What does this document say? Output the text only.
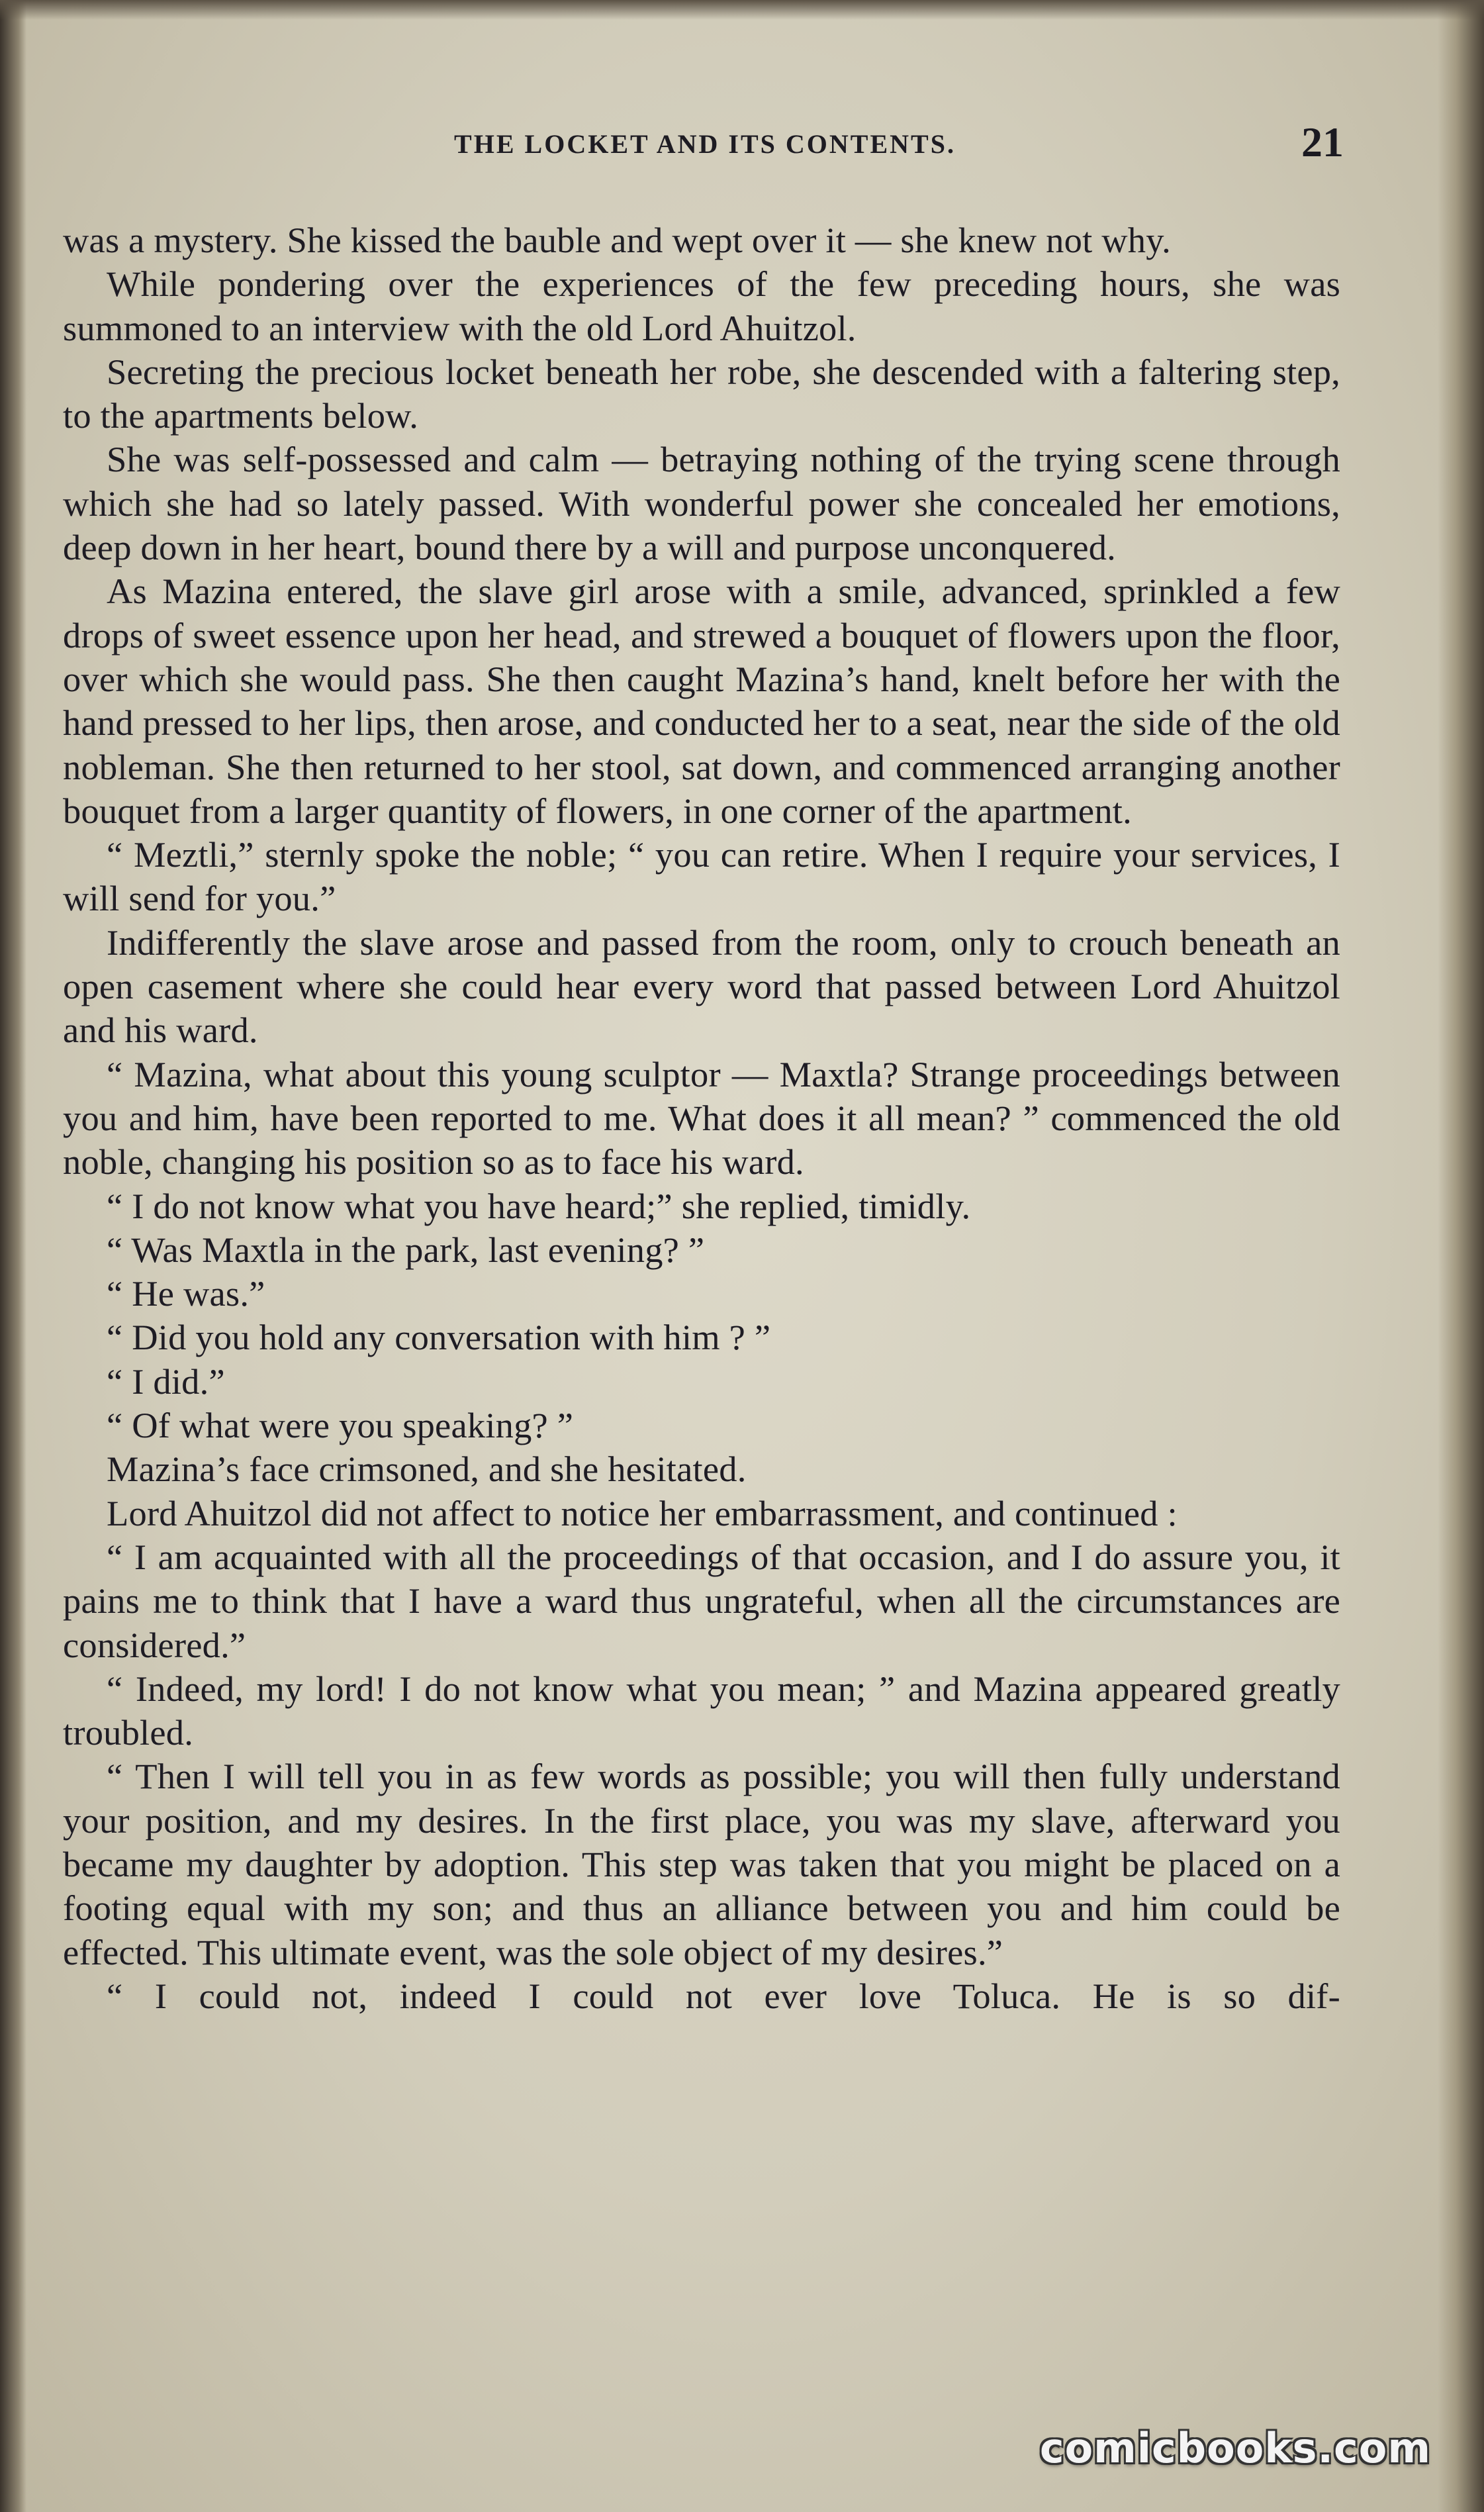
THE LOCKET AND ITS CONTENTS.	21

was a mystery. She kissed the bauble and wept over it — she knew not why.

While pondering over the experiences of the few preceding hours, she was summoned to an interview with the old Lord Ahuitzol.

Secreting the precious locket beneath her robe, she descended with a faltering step, to the apartments below.

She was self-possessed and calm — betraying nothing of the trying scene through which she had so lately passed. With wonderful power she concealed her emotions, deep down in her heart, bound there by a will and purpose unconquered.

As Mazina entered, the slave girl arose with a smile, advanced, sprinkled a few drops of sweet essence upon her head, and strewed a bouquet of flowers upon the floor, over which she would pass. She then caught Mazina’s hand, knelt before her with the hand pressed to her lips, then arose, and conducted her to a seat, near the side of the old nobleman. She then returned to her stool, sat down, and commenced arranging another bouquet from a larger quantity of flowers, in one corner of the apartment.

“ Meztli,” sternly spoke the noble; “ you can retire. When I require your services, I will send for you.”

Indifferently the slave arose and passed from the room, only to crouch beneath an open casement where she could hear every word that passed between Lord Ahuitzol and his ward.

“ Mazina, what about this young sculptor — Maxtla? Strange proceedings between you and him, have been reported to me. What does it all mean? ” commenced the old noble, changing his position so as to face his ward.

“ I do not know what you have heard;” she replied, timidly.

“ Was Maxtla in the park, last evening? ”

“ He was.”

“ Did you hold any conversation with him ? ”

“ I did.”

“ Of what were you speaking? ”

Mazina’s face crimsoned, and she hesitated.

Lord Ahuitzol did not affect to notice her embarrassment, and continued :

“ I am acquainted with all the proceedings of that occasion, and I do assure you, it pains me to think that I have a ward thus ungrateful, when all the circumstances are considered.”

“ Indeed, my lord! I do not know what you mean; ” and Mazina appeared greatly troubled.

“ Then I will tell you in as few words as possible; you will then fully understand your position, and my desires. In the first place, you was my slave, afterward you became my daughter by adoption. This step was taken that you might be placed on a footing equal with my son; and thus an alliance between you and him could be effected. This ultimate event, was the sole object of my desires.”

“ I could not, indeed I could not ever love Toluca. He is so dif-

comicbooks.com
